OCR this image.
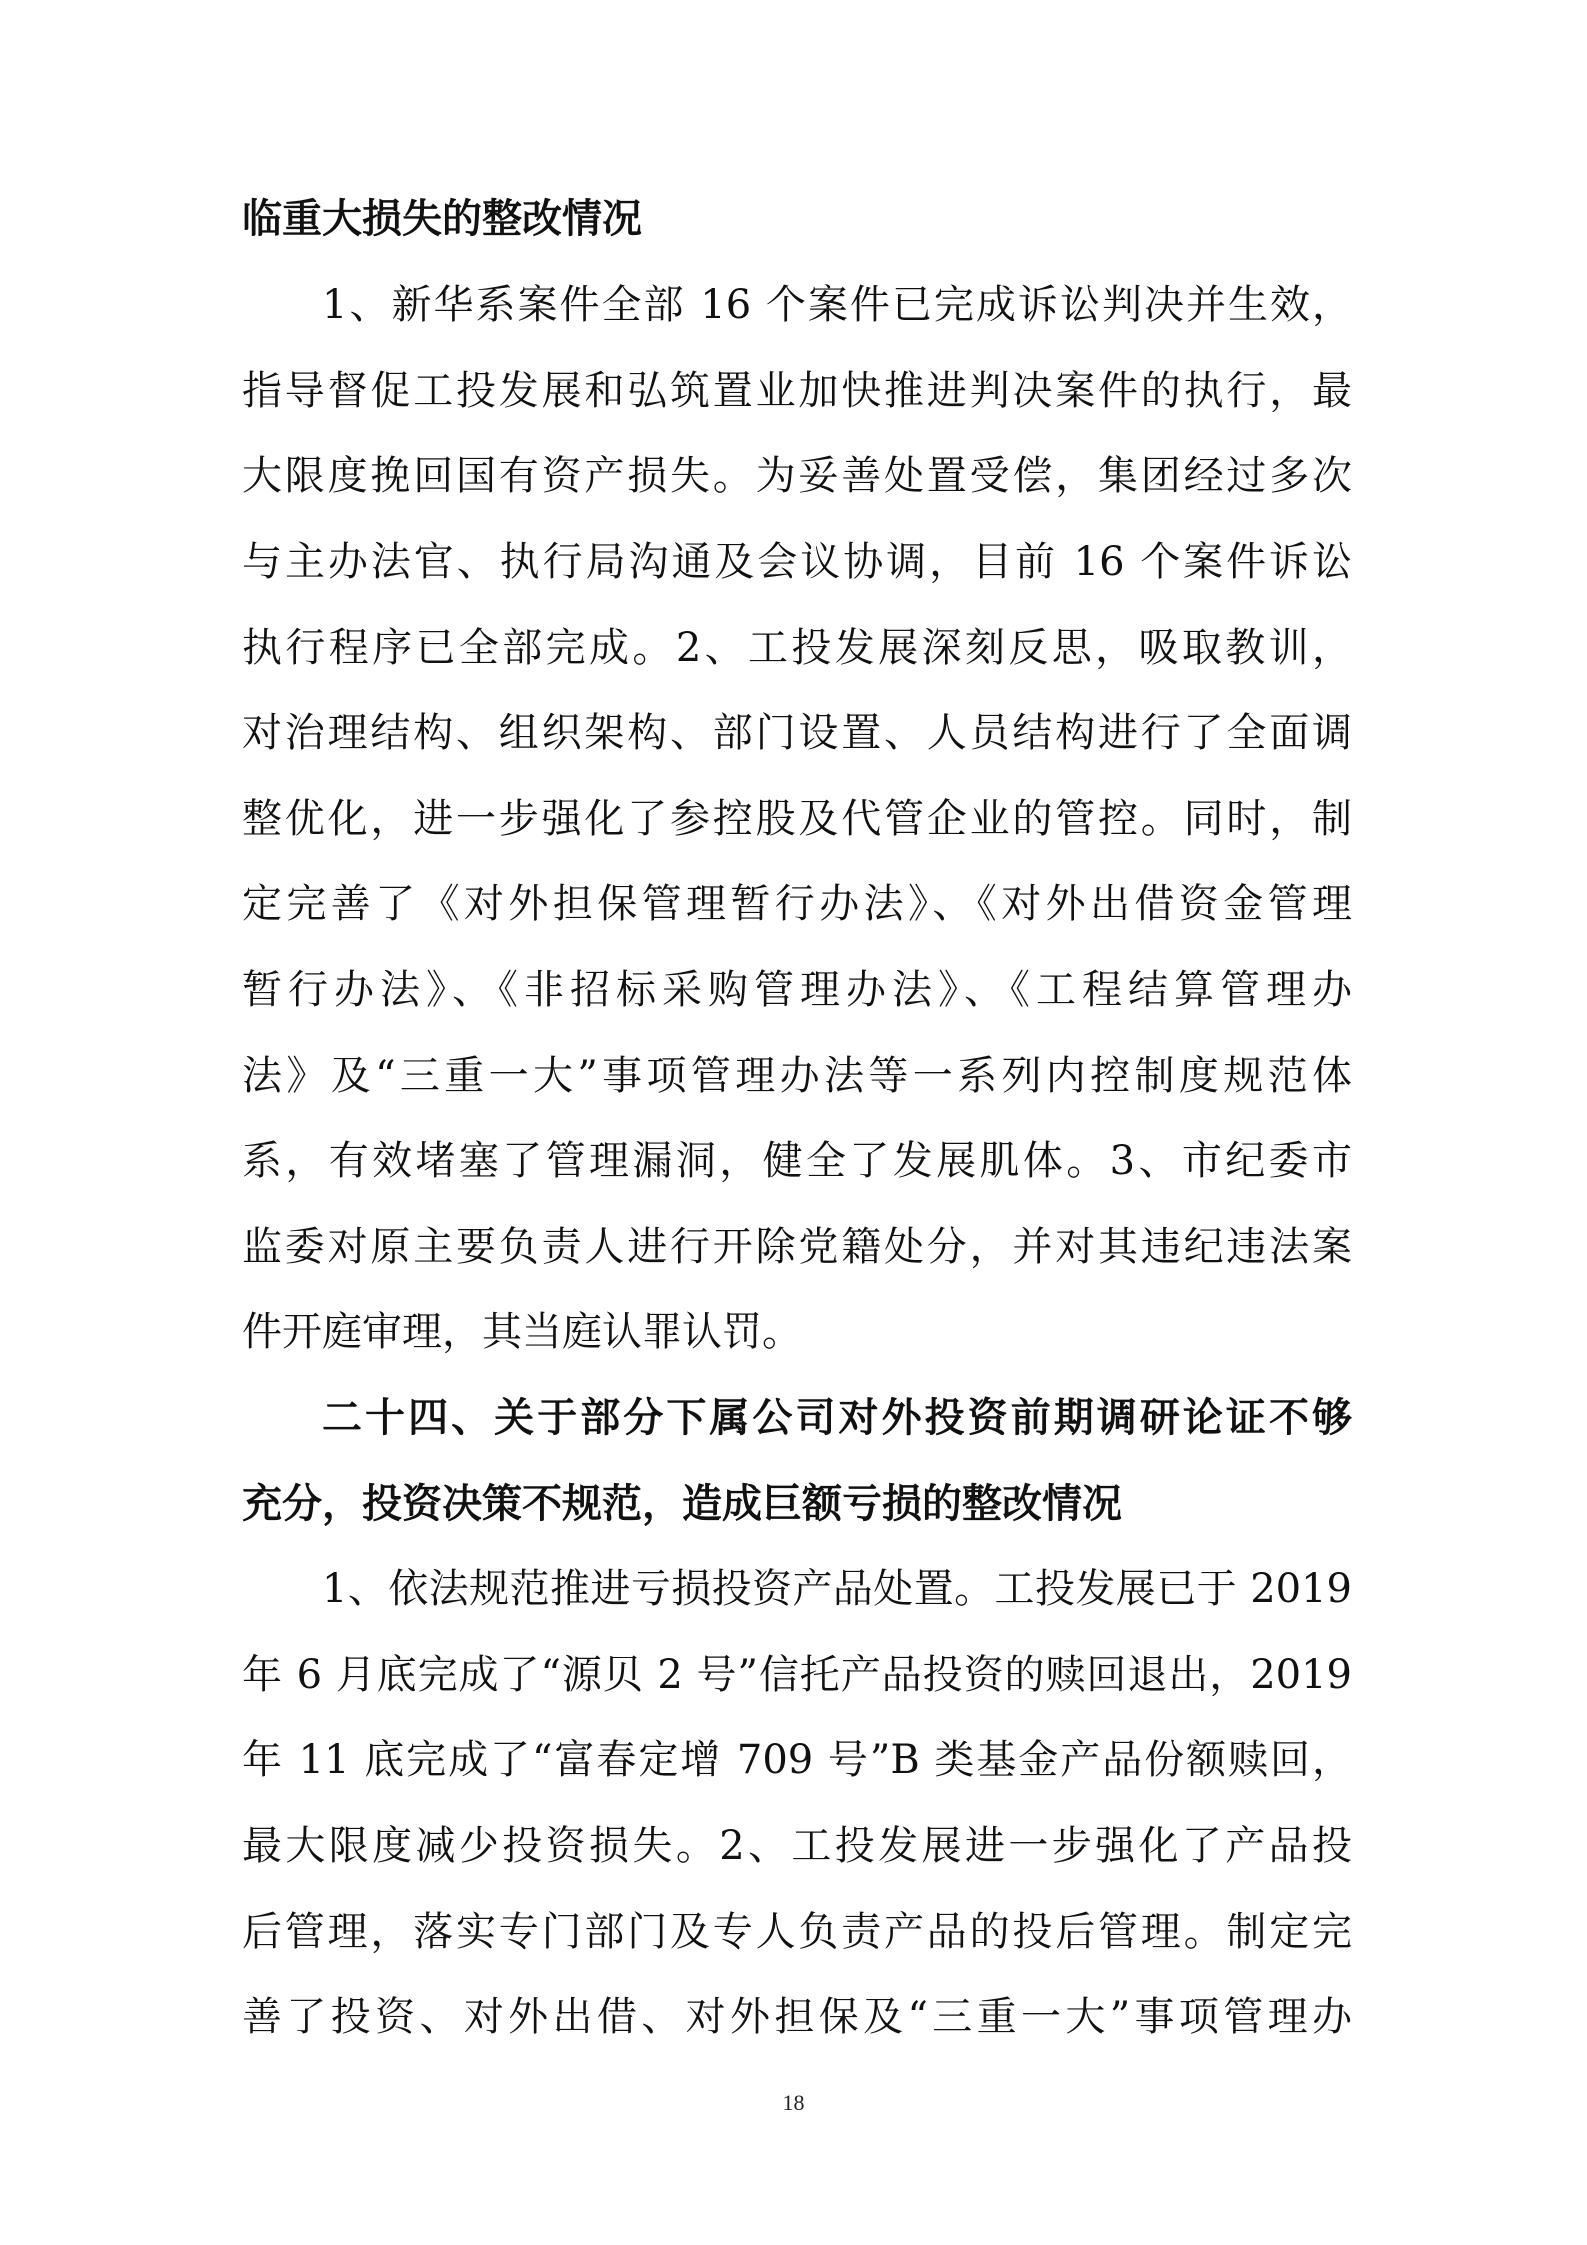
临重大损失的整改情况
1、新华系案件全部 16 个案件已完成诉讼判决并生效，
指导督促工投发展和弘筑置业加快推进判决案件的执行，最
大限度挽回国有资产损失。为妥善处置受偿，集团经过多次
与主办法官、执行局沟通及会议协调，目前 16 个案件诉讼
执行程序已全部完成。2、工投发展深刻反思，吸取教训，
对治理结构、组织架构、部门设置、人员结构进行了全面调
整优化，进一步强化了参控股及代管企业的管控。同时，制
定完善了《对外担保管理暂行办法》、《对外出借资金管理
暂行办法》、《非招标采购管理办法》、《工程结算管理办
法》及“三重一大”事项管理办法等一系列内控制度规范体
系，有效堵塞了管理漏洞，健全了发展肌体。3、市纪委市
监委对原主要负责人进行开除党籍处分，并对其违纪违法案
件开庭审理，其当庭认罪认罚。
二十四、关于部分下属公司对外投资前期调研论证不够
充分，投资决策不规范，造成巨额亏损的整改情况
1、依法规范推进亏损投资产品处置。工投发展已于 2019
年 6 月底完成了“源贝 2 号”信托产品投资的赎回退出，2019
年 11 底完成了“富春定增 709 号”B 类基金产品份额赎回，
最大限度减少投资损失。2、工投发展进一步强化了产品投
后管理，落实专门部门及专人负责产品的投后管理。制定完
善了投资、对外出借、对外担保及“三重一大”事项管理办
18
